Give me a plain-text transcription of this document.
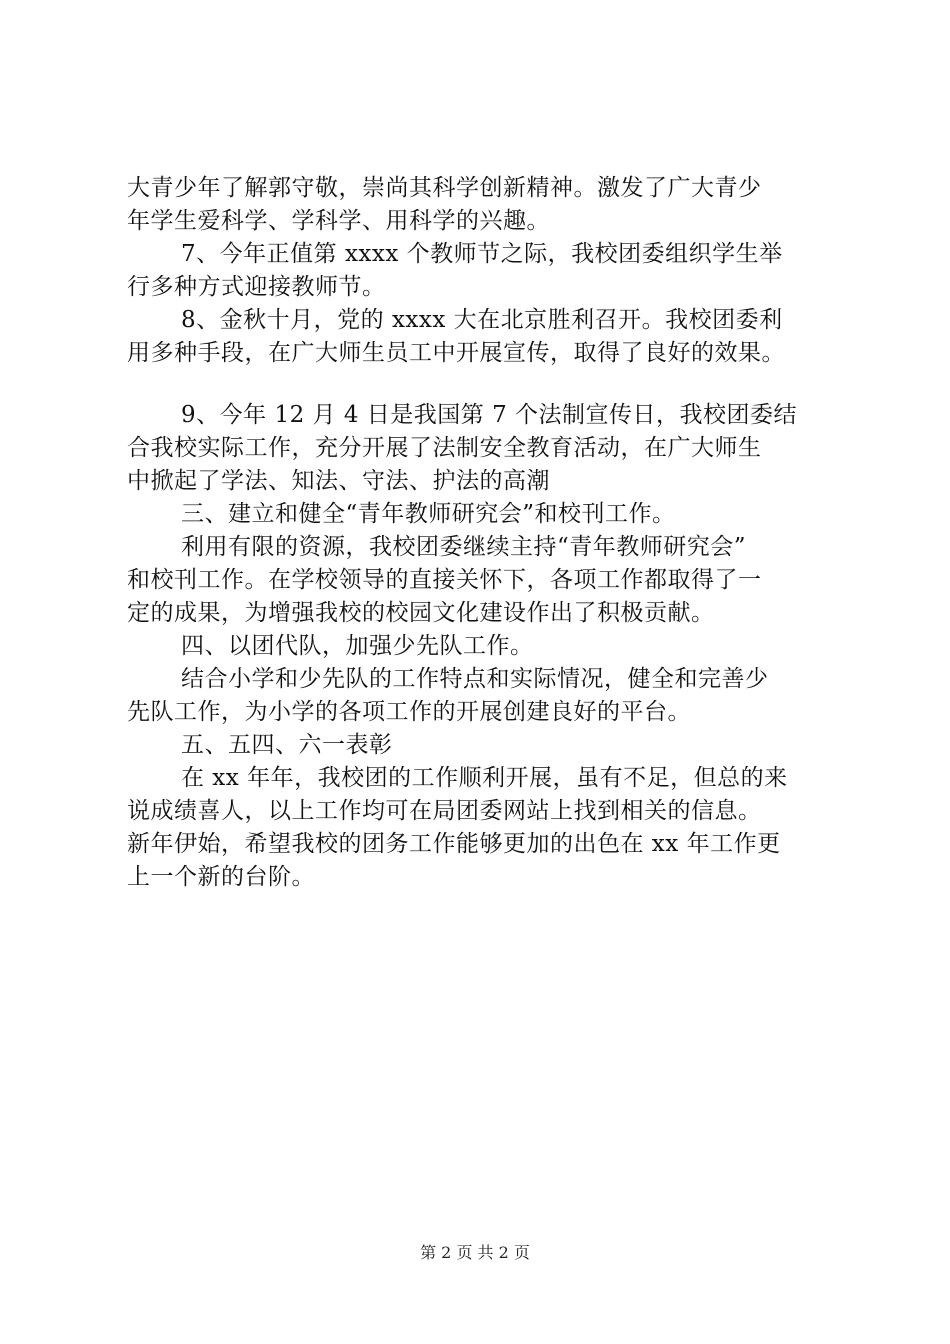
大青少年了解郭守敬，崇尚其科学创新精神。激发了广大青少
年学生爱科学、学科学、用科学的兴趣。
7、今年正值第 xxxx 个教师节之际，我校团委组织学生举
行多种方式迎接教师节。
8、金秋十月，党的 xxxx 大在北京胜利召开。我校团委利
用多种手段，在广大师生员工中开展宣传，取得了良好的效果。
9、今年 12 月 4 日是我国第 7 个法制宣传日，我校团委结
合我校实际工作，充分开展了法制安全教育活动，在广大师生
中掀起了学法、知法、守法、护法的高潮
三、建立和健全“青年教师研究会”和校刊工作。
利用有限的资源，我校团委继续主持“青年教师研究会”
和校刊工作。在学校领导的直接关怀下，各项工作都取得了一
定的成果，为增强我校的校园文化建设作出了积极贡献。
四、以团代队，加强少先队工作。
结合小学和少先队的工作特点和实际情况，健全和完善少
先队工作，为小学的各项工作的开展创建良好的平台。
五、五四、六一表彰
在 xx 年年，我校团的工作顺利开展，虽有不足，但总的来
说成绩喜人，以上工作均可在局团委网站上找到相关的信息。
新年伊始，希望我校的团务工作能够更加的出色在 xx 年工作更
上一个新的台阶。
第 2 页 共 2 页
